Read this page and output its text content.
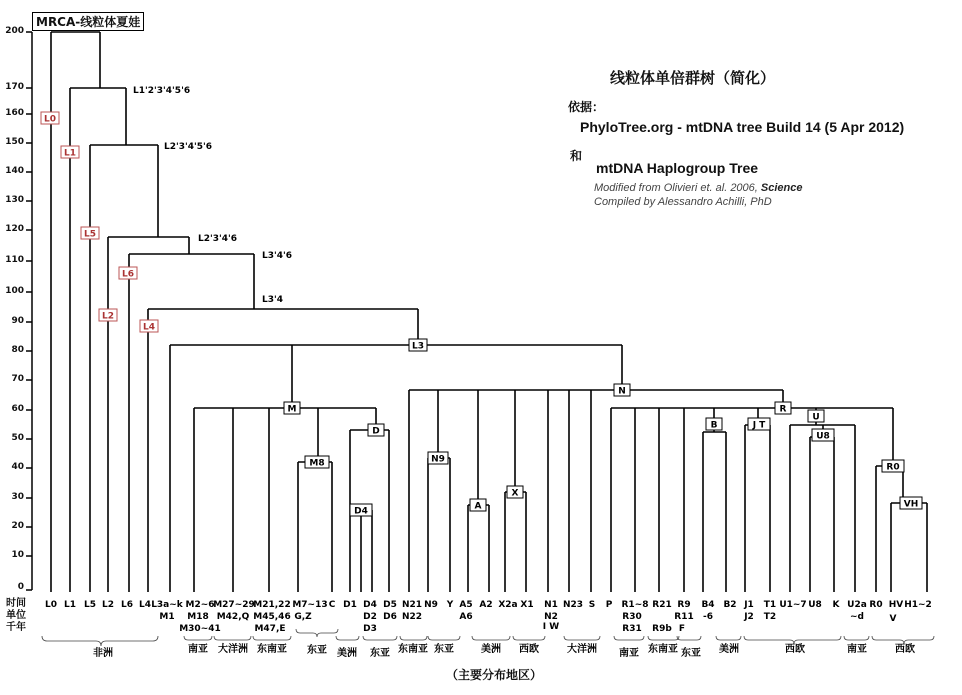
L0
L1
L5
L6
L2
L4
L3
N
M	R
U
U8
B	J T
D
M8	N9
D4
R0
X
A	VH
L1'2'3'4'5'6
L2'3'4'5'6
L2'3'4'6
L3'4'6
L3'4
L0 L1 L5 L2 L6 L4 L3a~k
M1
M2~6
M18
M30~41
M27~29
M42,Q
M21,22
M45,46
M47,E
M7~13
G,Z
C D1 D4
D2
D3
D5
D6
N21
N22
N9 Y A5
A6
A2 X2a X1 N1
N2
I W
N23 S P R1~8
R30
R31
R21
R9b
R9
R11
F
B4
-6
B2 J1
J2
T1
T2
U1~7 U8 K U2a
~d
R0 HV
V
H1~2
非洲	南亚 大洋洲 东南亚 东亚 美洲 东亚 东南亚 东亚	美洲 西欧	大洋洲 南亚 东南亚 东亚 美洲	西欧	南亚	西欧
MRCA-线粒体夏娃
200
170
160
150
140
130
120
110
100
90
80
70
60
50
40
30
20
10
0
时间
单位
千年
线粒体单倍群树（简化）
依据：
PhyloTree.org - mtDNA tree Build 14 (5 Apr 2012)
和
mtDNA Haplogroup Tree
Modified from Olivieri et. al. 2006, Science
Compiled by Alessandro Achilli, PhD
（主要分布地区）
